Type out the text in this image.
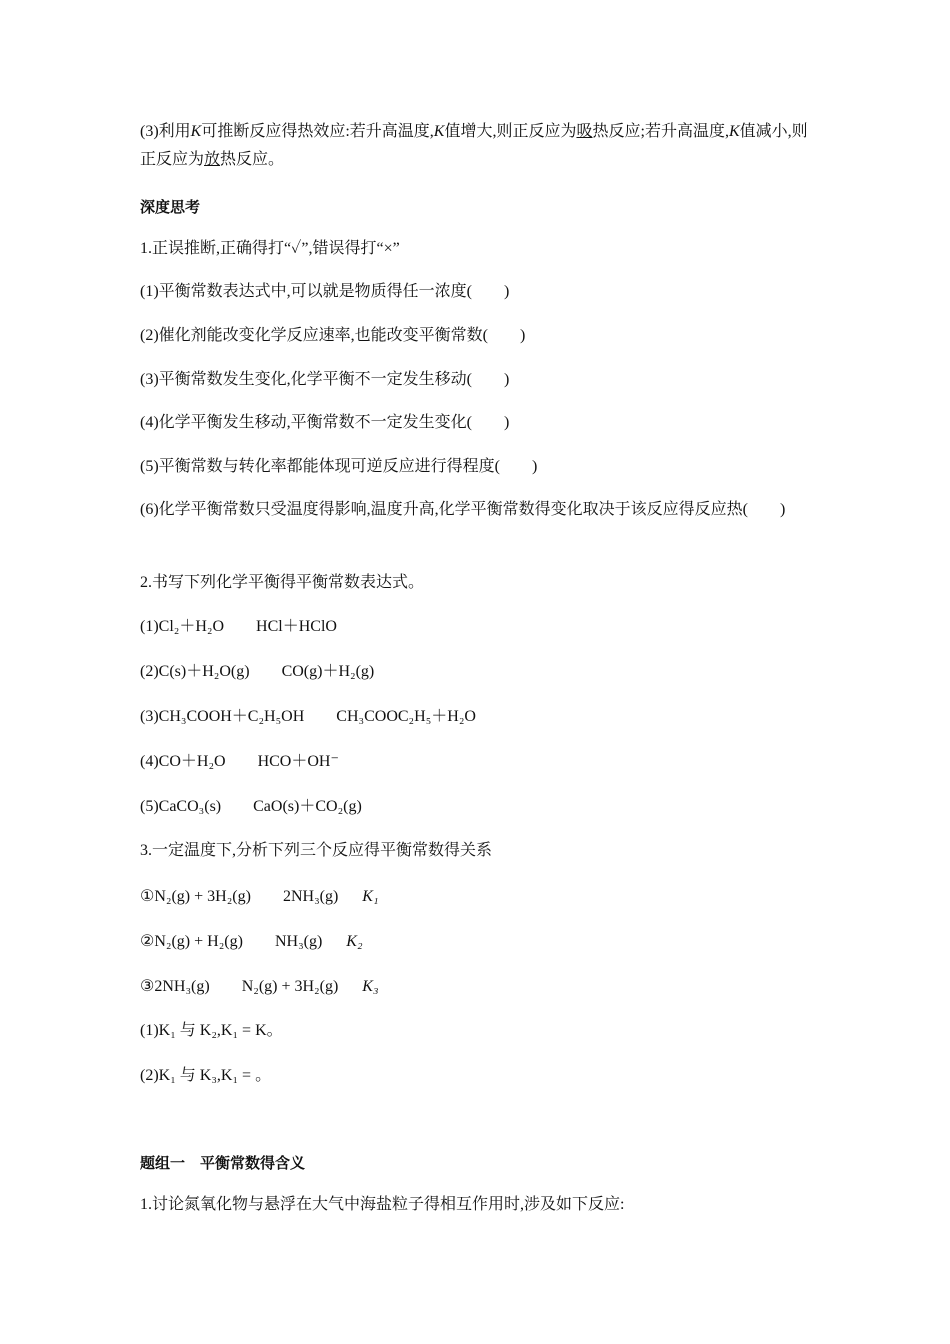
(3)利用K可推断反应得热效应:若升高温度,K值增大,则正反应为吸热反应;若升高温度,K值减小,则正反应为放热反应。
深度思考
1.正误推断,正确得打“✓”,错误得打“×”
(1)平衡常数表达式中,可以就是物质得任一浓度(　　)
(2)催化剂能改变化学反应速率,也能改变平衡常数(　　)
(3)平衡常数发生变化,化学平衡不一定发生移动(　　)
(4)化学平衡发生移动,平衡常数不一定发生变化(　　)
(5)平衡常数与转化率都能体现可逆反应进行得程度(　　)
(6)化学平衡常数只受温度得影响,温度升高,化学平衡常数得变化取决于该反应得反应热(　　)
2.书写下列化学平衡得平衡常数表达式。
(1)Cl₂＋H₂O HCl＋HClO
(2)C(s)＋H₂O(g) CO(g)＋H₂(g)
(3)CH₃COOH＋C₂H₅OH CH₃COOC₂H₅＋H₂O
(4)CO＋H₂O HCO＋OH⁻
(5)CaCO₃(s) CaO(s)＋CO₂(g)
3.一定温度下,分析下列三个反应得平衡常数得关系
①N₂(g) + 3H₂(g) 2NH₃(g) K₁
②N₂(g) + H₂(g) NH₃(g) K₂
③2NH₃(g) N₂(g) + 3H₂(g) K₃
(1)K₁ 与 K₂,K₁ = K。
(2)K₁ 与 K₃,K₁ = 。
题组一　平衡常数得含义
1.讨论氮氧化物与悬浮在大气中海盐粒子得相互作用时,涉及如下反应:
